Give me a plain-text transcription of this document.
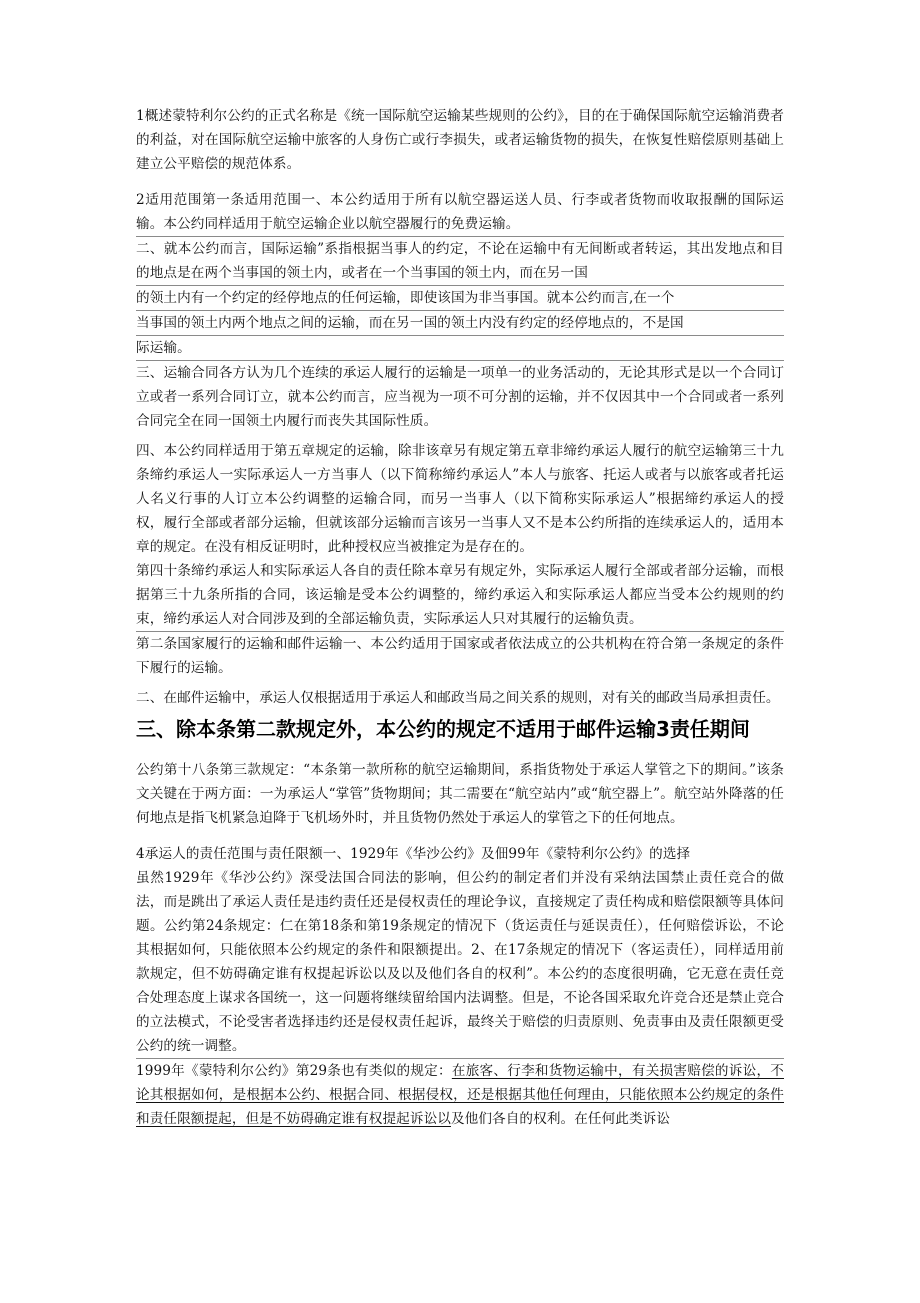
1概述蒙特利尔公约的正式名称是《统一国际航空运输某些规则的公约》，目的在于确保国际航空运输消费者的利益，对在国际航空运输中旅客的人身伤亡或行李损失，或者运输货物的损失，在恢复性赔偿原则基础上建立公平赔偿的规范体系。

2适用范围第一条适用范围一、本公约适用于所有以航空器运送人员、行李或者货物而收取报酬的国际运输。本公约同样适用于航空运输企业以航空器履行的免费运输。

二、就本公约而言，国际运输”系指根据当事人的约定，不论在运输中有无间断或者转运，其出发地点和目的地点是在两个当事国的领土内，或者在一个当事国的领土内，而在另一国

的领土内有一个约定的经停地点的任何运输，即使该国为非当事国。就本公约而言,在一个

当事国的领土内两个地点之间的运输，而在另一国的领土内没有约定的经停地点的，不是国

际运输。

三、运输合同各方认为几个连续的承运人履行的运输是一项单一的业务活动的，无论其形式是以一个合同订立或者一系列合同订立，就本公约而言，应当视为一项不可分割的运输，并不仅因其中一个合同或者一系列合同完全在同一国领土内履行而丧失其国际性质。

四、本公约同样适用于第五章规定的运输，除非该章另有规定第五章非缔约承运人履行的航空运输第三十九条缔约承运人一实际承运人一方当事人（以下简称缔约承运人”本人与旅客、托运人或者与以旅客或者托运人名义行事的人订立本公约调整的运输合同，而另一当事人（以下简称实际承运人”根据缔约承运人的授权，履行全部或者部分运输，但就该部分运输而言该另一当事人又不是本公约所指的连续承运人的，适用本章的规定。在没有相反证明时，此种授权应当被推定为是存在的。

第四十条缔约承运人和实际承运人各自的责任除本章另有规定外，实际承运人履行全部或者部分运输，而根据第三十九条所指的合同，该运输是受本公约调整的，缔约承运入和实际承运人都应当受本公约规则的约束，缔约承运人对合同涉及到的全部运输负责，实际承运人只对其履行的运输负责。

第二条国家履行的运输和邮件运输一、本公约适用于国家或者依法成立的公共机构在符合第一条规定的条件下履行的运输。

二、在邮件运输中，承运人仅根据适用于承运人和邮政当局之间关系的规则，对有关的邮政当局承担责任。

三、除本条第二款规定外，本公约的规定不适用于邮件运输3责任期间

公约第十八条第三款规定：“本条第一款所称的航空运输期间，系指货物处于承运人掌管之下的期间。”该条文关键在于两方面：一为承运人“掌管”货物期间；其二需要在“航空站内”或“航空器上”。航空站外降落的任何地点是指飞机紧急迫降于飞机场外时，并且货物仍然处于承运人的掌管之下的任何地点。

4承运人的责任范围与责任限额一、1929年《华沙公约》及佃99年《蒙特利尔公约》的选择

虽然1929年《华沙公约》深受法国合同法的影响，但公约的制定者们并没有采纳法国禁止责任竞合的做法，而是跳出了承运人责任是违约责任还是侵权责任的理论争议，直接规定了责任构成和赔偿限额等具体问题。公约第24条规定：仁在第18条和第19条规定的情况下（货运责任与延误责任），任何赔偿诉讼，不论其根据如何，只能依照本公约规定的条件和限额提出。2、在17条规定的情况下（客运责任），同样适用前款规定，但不妨碍确定谁有权提起诉讼以及以及他们各自的权利”。本公约的态度很明确，它无意在责任竞合处理态度上谋求各国统一，这一问题将继续留给国内法调整。但是，不论各国采取允许竞合还是禁止竞合的立法模式，不论受害者选择违约还是侵权责任起诉，最终关于赔偿的归责原则、免责事由及责任限额更受公约的统一调整。

1999年《蒙特利尔公约》第29条也有类似的规定：在旅客、行李和货物运输中，有关损害赔偿的诉讼，不论其根据如何，是根据本公约、根据合同、根据侵权，还是根据其他任何理由，只能依照本公约规定的条件和责任限额提起，但是不妨碍确定谁有权提起诉讼以及他们各自的权利。在任何此类诉讼
